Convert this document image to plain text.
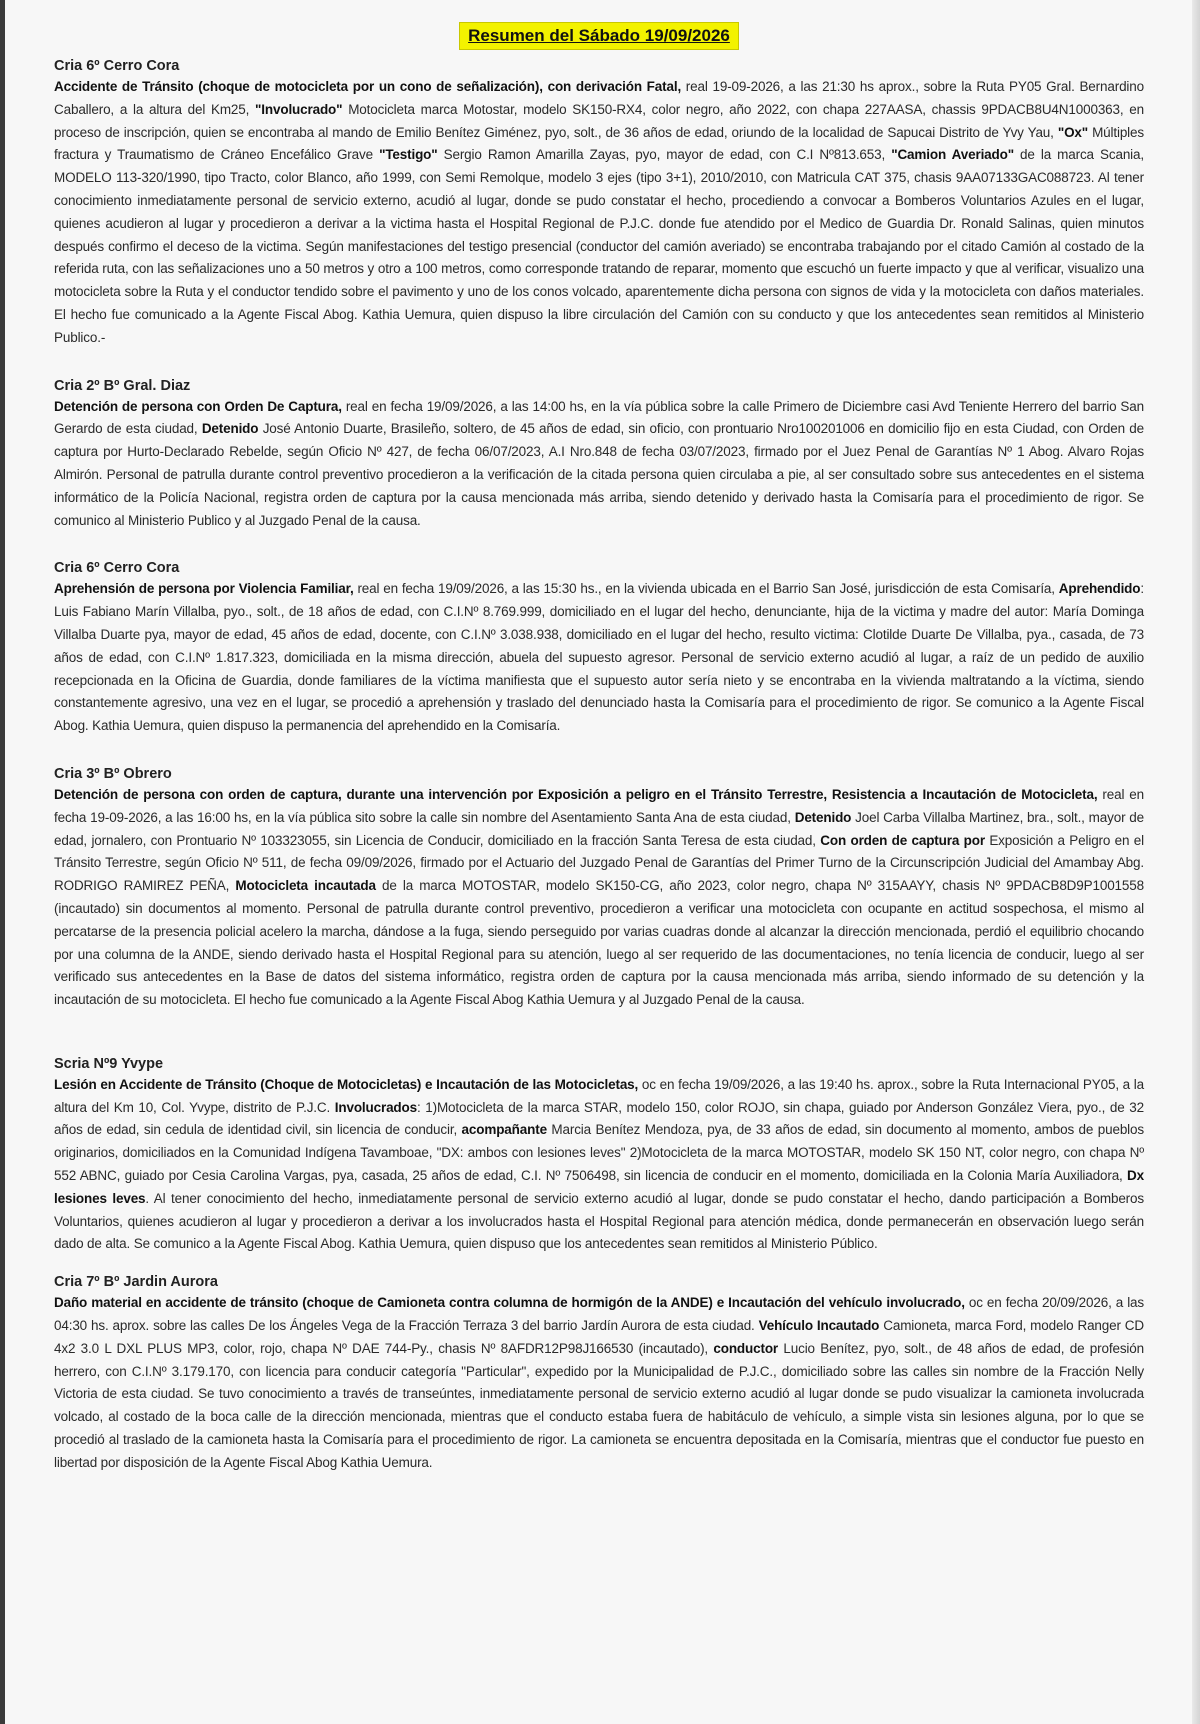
Resumen del Sábado 19/09/2026

Cria 6º Cerro Cora

Accidente de Tránsito (choque de motocicleta por un cono de señalización), con derivación Fatal, real 19-09-2026, a las 21:30 hs aprox., sobre la Ruta PY05 Gral. Bernardino Caballero, a la altura del Km25, "Involucrado" Motocicleta marca Motostar, modelo SK150-RX4, color negro, año 2022, con chapa 227AASA, chassis 9PDACB8U4N1000363, en proceso de inscripción, quien se encontraba al mando de Emilio Benítez Giménez, pyo, solt., de 36 años de edad, oriundo de la localidad de Sapucai Distrito de Yvy Yau, "Ox" Múltiples fractura y Traumatismo de Cráneo Encefálico Grave "Testigo" Sergio Ramon Amarilla Zayas, pyo, mayor de edad, con C.I Nº813.653, "Camion Averiado" de la marca Scania, MODELO 113-320/1990, tipo Tracto, color Blanco, año 1999, con Semi Remolque, modelo 3 ejes (tipo 3+1), 2010/2010, con Matricula CAT 375, chasis 9AA07133GAC088723. Al tener conocimiento inmediatamente personal de servicio externo, acudió al lugar, donde se pudo constatar el hecho, procediendo a convocar a Bomberos Voluntarios Azules en el lugar, quienes acudieron al lugar y procedieron a derivar a la victima hasta el Hospital Regional de P.J.C. donde fue atendido por el Medico de Guardia Dr. Ronald Salinas, quien minutos después confirmo el deceso de la victima. Según manifestaciones del testigo presencial (conductor del camión averiado) se encontraba trabajando por el citado Camión al costado de la referida ruta, con las señalizaciones uno a 50 metros y otro a 100 metros, como corresponde tratando de reparar, momento que escuchó un fuerte impacto y que al verificar, visualizo una motocicleta sobre la Ruta y el conductor tendido sobre el pavimento y uno de los conos volcado, aparentemente dicha persona con signos de vida y la motocicleta con daños materiales. El hecho fue comunicado a la Agente Fiscal Abog. Kathia Uemura, quien dispuso la libre circulación del Camión con su conducto y que los antecedentes sean remitidos al Ministerio Publico.-

Cria 2º Bº Gral. Diaz

Detención de persona con Orden De Captura, real en fecha 19/09/2026, a las 14:00 hs, en la vía pública sobre la calle Primero de Diciembre casi Avd Teniente Herrero del barrio San Gerardo de esta ciudad, Detenido José Antonio Duarte, Brasileño, soltero, de 45 años de edad, sin oficio, con prontuario Nro100201006 en domicilio fijo en esta Ciudad, con Orden de captura por Hurto-Declarado Rebelde, según Oficio Nº 427, de fecha 06/07/2023, A.I Nro.848 de fecha 03/07/2023, firmado por el Juez Penal de Garantías Nº 1 Abog. Alvaro Rojas Almirón. Personal de patrulla durante control preventivo procedieron a la verificación de la citada persona quien circulaba a pie, al ser consultado sobre sus antecedentes en el sistema informático de la Policía Nacional, registra orden de captura por la causa mencionada más arriba, siendo detenido y derivado hasta la Comisaría para el procedimiento de rigor. Se comunico al Ministerio Publico y al Juzgado Penal de la causa.

Cria 6º Cerro Cora

Aprehensión de persona por Violencia Familiar, real en fecha 19/09/2026, a las 15:30 hs., en la vivienda ubicada en el Barrio San José, jurisdicción de esta Comisaría, Aprehendido: Luis Fabiano Marín Villalba, pyo., solt., de 18 años de edad, con C.I.Nº 8.769.999, domiciliado en el lugar del hecho, denunciante, hija de la victima y madre del autor: María Dominga Villalba Duarte pya, mayor de edad, 45 años de edad, docente, con C.I.Nº 3.038.938, domiciliado en el lugar del hecho, resulto victima: Clotilde Duarte De Villalba, pya., casada, de 73 años de edad, con C.I.Nº 1.817.323, domiciliada en la misma dirección, abuela del supuesto agresor. Personal de servicio externo acudió al lugar, a raíz de un pedido de auxilio recepcionada en la Oficina de Guardia, donde familiares de la víctima manifiesta que el supuesto autor sería nieto y se encontraba en la vivienda maltratando a la víctima, siendo constantemente agresivo, una vez en el lugar, se procedió a aprehensión y traslado del denunciado hasta la Comisaría para el procedimiento de rigor. Se comunico a la Agente Fiscal Abog. Kathia Uemura, quien dispuso la permanencia del aprehendido en la Comisaría.

Cria 3º Bº Obrero

Detención de persona con orden de captura, durante una intervención por Exposición a peligro en el Tránsito Terrestre, Resistencia a Incautación de Motocicleta, real en fecha 19-09-2026, a las 16:00 hs, en la vía pública sito sobre la calle sin nombre del Asentamiento Santa Ana de esta ciudad, Detenido Joel Carba Villalba Martinez, bra., solt., mayor de edad, jornalero, con Prontuario Nº 103323055, sin Licencia de Conducir, domiciliado en la fracción Santa Teresa de esta ciudad, Con orden de captura por Exposición a Peligro en el Tránsito Terrestre, según Oficio Nº 511, de fecha 09/09/2026, firmado por el Actuario del Juzgado Penal de Garantías del Primer Turno de la Circunscripción Judicial del Amambay Abg. RODRIGO RAMIREZ PEÑA, Motocicleta incautada de la marca MOTOSTAR, modelo SK150-CG, año 2023, color negro, chapa Nº 315AAYY, chasis Nº 9PDACB8D9P1001558 (incautado) sin documentos al momento. Personal de patrulla durante control preventivo, procedieron a verificar una motocicleta con ocupante en actitud sospechosa, el mismo al percatarse de la presencia policial acelero la marcha, dándose a la fuga, siendo perseguido por varias cuadras donde al alcanzar la dirección mencionada, perdió el equilibrio chocando por una columna de la ANDE, siendo derivado hasta el Hospital Regional para su atención, luego al ser requerido de las documentaciones, no tenía licencia de conducir, luego al ser verificado sus antecedentes en la Base de datos del sistema informático, registra orden de captura por la causa mencionada más arriba, siendo informado de su detención y la incautación de su motocicleta. El hecho fue comunicado a la Agente Fiscal Abog Kathia Uemura y al Juzgado Penal de la causa.

Scria Nº9 Yvype

Lesión en Accidente de Tránsito (Choque de Motocicletas) e Incautación de las Motocicletas, oc en fecha 19/09/2026, a las 19:40 hs. aprox., sobre la Ruta Internacional PY05, a la altura del Km 10, Col. Yvype, distrito de P.J.C. Involucrados: 1)Motocicleta de la marca STAR, modelo 150, color ROJO, sin chapa, guiado por Anderson González Viera, pyo., de 32 años de edad, sin cedula de identidad civil, sin licencia de conducir, acompañante Marcia Benítez Mendoza, pya, de 33 años de edad, sin documento al momento, ambos de pueblos originarios, domiciliados en la Comunidad Indígena Tavamboae, "DX: ambos con lesiones leves" 2)Motocicleta de la marca MOTOSTAR, modelo SK 150 NT, color negro, con chapa Nº 552 ABNC, guiado por Cesia Carolina Vargas, pya, casada, 25 años de edad, C.I. Nº 7506498, sin licencia de conducir en el momento, domiciliada en la Colonia María Auxiliadora, Dx lesiones leves. Al tener conocimiento del hecho, inmediatamente personal de servicio externo acudió al lugar, donde se pudo constatar el hecho, dando participación a Bomberos Voluntarios, quienes acudieron al lugar y procedieron a derivar a los involucrados hasta el Hospital Regional para atención médica, donde permanecerán en observación luego serán dado de alta. Se comunico a la Agente Fiscal Abog. Kathia Uemura, quien dispuso que los antecedentes sean remitidos al Ministerio Público.

Cria 7º Bº Jardin Aurora

Daño material en accidente de tránsito (choque de Camioneta contra columna de hormigón de la ANDE) e Incautación del vehículo involucrado, oc en fecha 20/09/2026, a las 04:30 hs. aprox. sobre las calles De los Ángeles Vega de la Fracción Terraza 3 del barrio Jardín Aurora de esta ciudad. Vehículo Incautado Camioneta, marca Ford, modelo Ranger CD 4x2 3.0 L DXL PLUS MP3, color, rojo, chapa Nº DAE 744-Py., chasis Nº 8AFDR12P98J166530 (incautado), conductor Lucio Benítez, pyo, solt., de 48 años de edad, de profesión herrero, con C.I.Nº 3.179.170, con licencia para conducir categoría "Particular", expedido por la Municipalidad de P.J.C., domiciliado sobre las calles sin nombre de la Fracción Nelly Victoria de esta ciudad. Se tuvo conocimiento a través de transeúntes, inmediatamente personal de servicio externo acudió al lugar donde se pudo visualizar la camioneta involucrada volcado, al costado de la boca calle de la dirección mencionada, mientras que el conducto estaba fuera de habitáculo de vehículo, a simple vista sin lesiones alguna, por lo que se procedió al traslado de la camioneta hasta la Comisaría para el procedimiento de rigor. La camioneta se encuentra depositada en la Comisaría, mientras que el conductor fue puesto en libertad por disposición de la Agente Fiscal Abog Kathia Uemura.
